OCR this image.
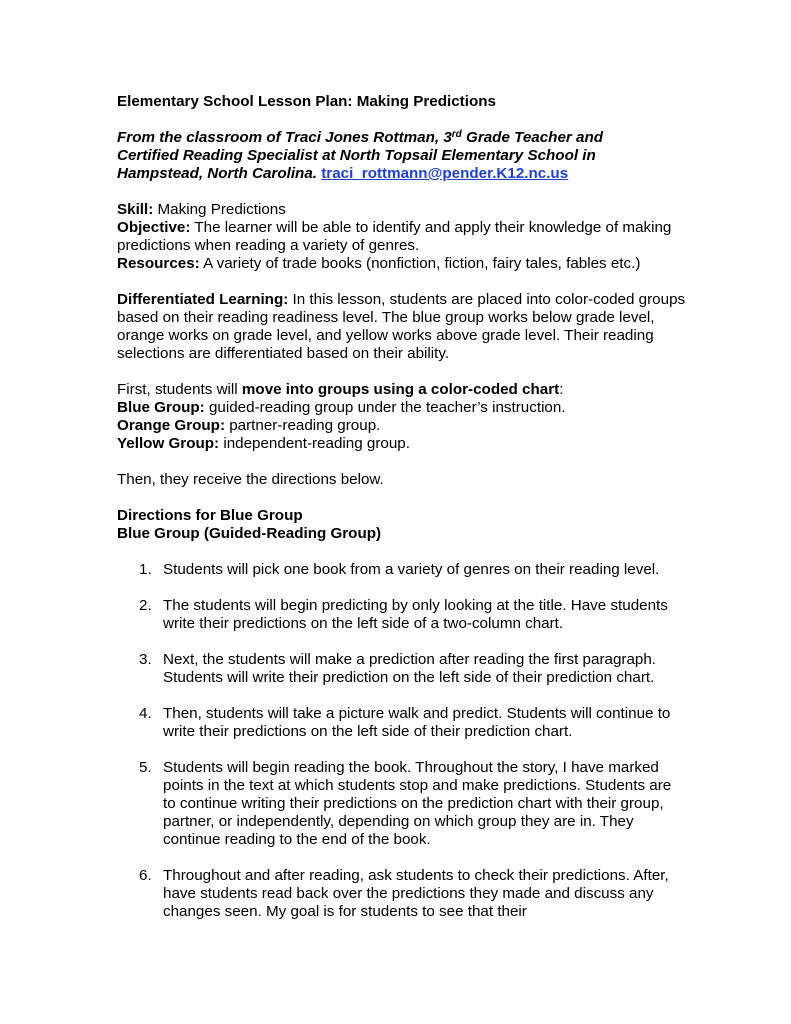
Elementary School Lesson Plan: Making Predictions

From the classroom of Traci Jones Rottman, 3rd Grade Teacher and
Certified Reading Specialist at North Topsail Elementary School in
Hampstead, North Carolina. traci_rottmann@pender.K12.nc.us

Skill: Making Predictions

Objective: The learner will be able to identify and apply their knowledge of making predictions when reading a variety of genres.

Resources: A variety of trade books (nonfiction, fiction, fairy tales, fables etc.)

Differentiated Learning: In this lesson, students are placed into color-coded groups based on their reading readiness level. The blue group works below grade level, orange works on grade level, and yellow works above grade level. Their reading selections are differentiated based on their ability.

First, students will move into groups using a color-coded chart:

Blue Group: guided-reading group under the teacher’s instruction.

Orange Group: partner-reading group.

Yellow Group: independent-reading group.

Then, they receive the directions below.

Directions for Blue Group

Blue Group (Guided-Reading Group)

1. Students will pick one book from a variety of genres on their reading level.
2. The students will begin predicting by only looking at the title. Have students write their predictions on the left side of a two-column chart.
3. Next, the students will make a prediction after reading the first paragraph. Students will write their prediction on the left side of their prediction chart.
4. Then, students will take a picture walk and predict. Students will continue to write their predictions on the left side of their prediction chart.
5. Students will begin reading the book. Throughout the story, I have marked points in the text at which students stop and make predictions. Students are to continue writing their predictions on the prediction chart with their group, partner, or independently, depending on which group they are in. They continue reading to the end of the book.
6. Throughout and after reading, ask students to check their predictions. After, have students read back over the predictions they made and discuss any changes seen. My goal is for students to see that their
